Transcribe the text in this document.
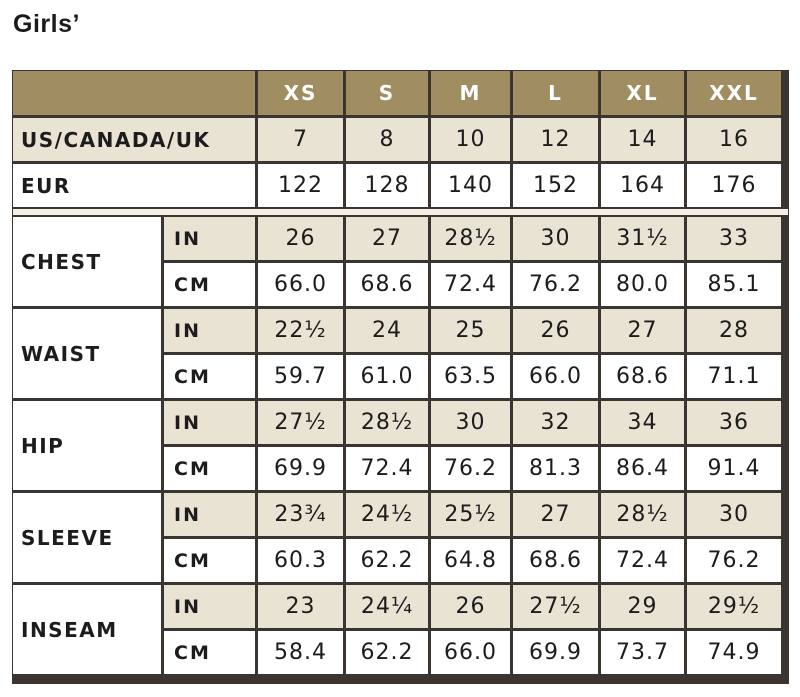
Girls’
XS	S	M	L	XL	XXL
US/CANADA/UK	7	8	10	12	14	16
EUR	122	128	140	152	164	176
CHEST
IN	26	27	28½	30	31½	33
CM	66.0	68.6	72.4	76.2	80.0	85.1
WAIST
IN	22½	24	25	26	27	28
CM	59.7	61.0	63.5	66.0	68.6	71.1
HIP
IN	27½	28½	30	32	34	36
CM	69.9	72.4	76.2	81.3	86.4	91.4
SLEEVE
IN	23¾	24½	25½	27	28½	30
CM	60.3	62.2	64.8	68.6	72.4	76.2
INSEAM
IN	23	24¼	26	27½	29	29½
CM	58.4	62.2	66.0	69.9	73.7	74.9
